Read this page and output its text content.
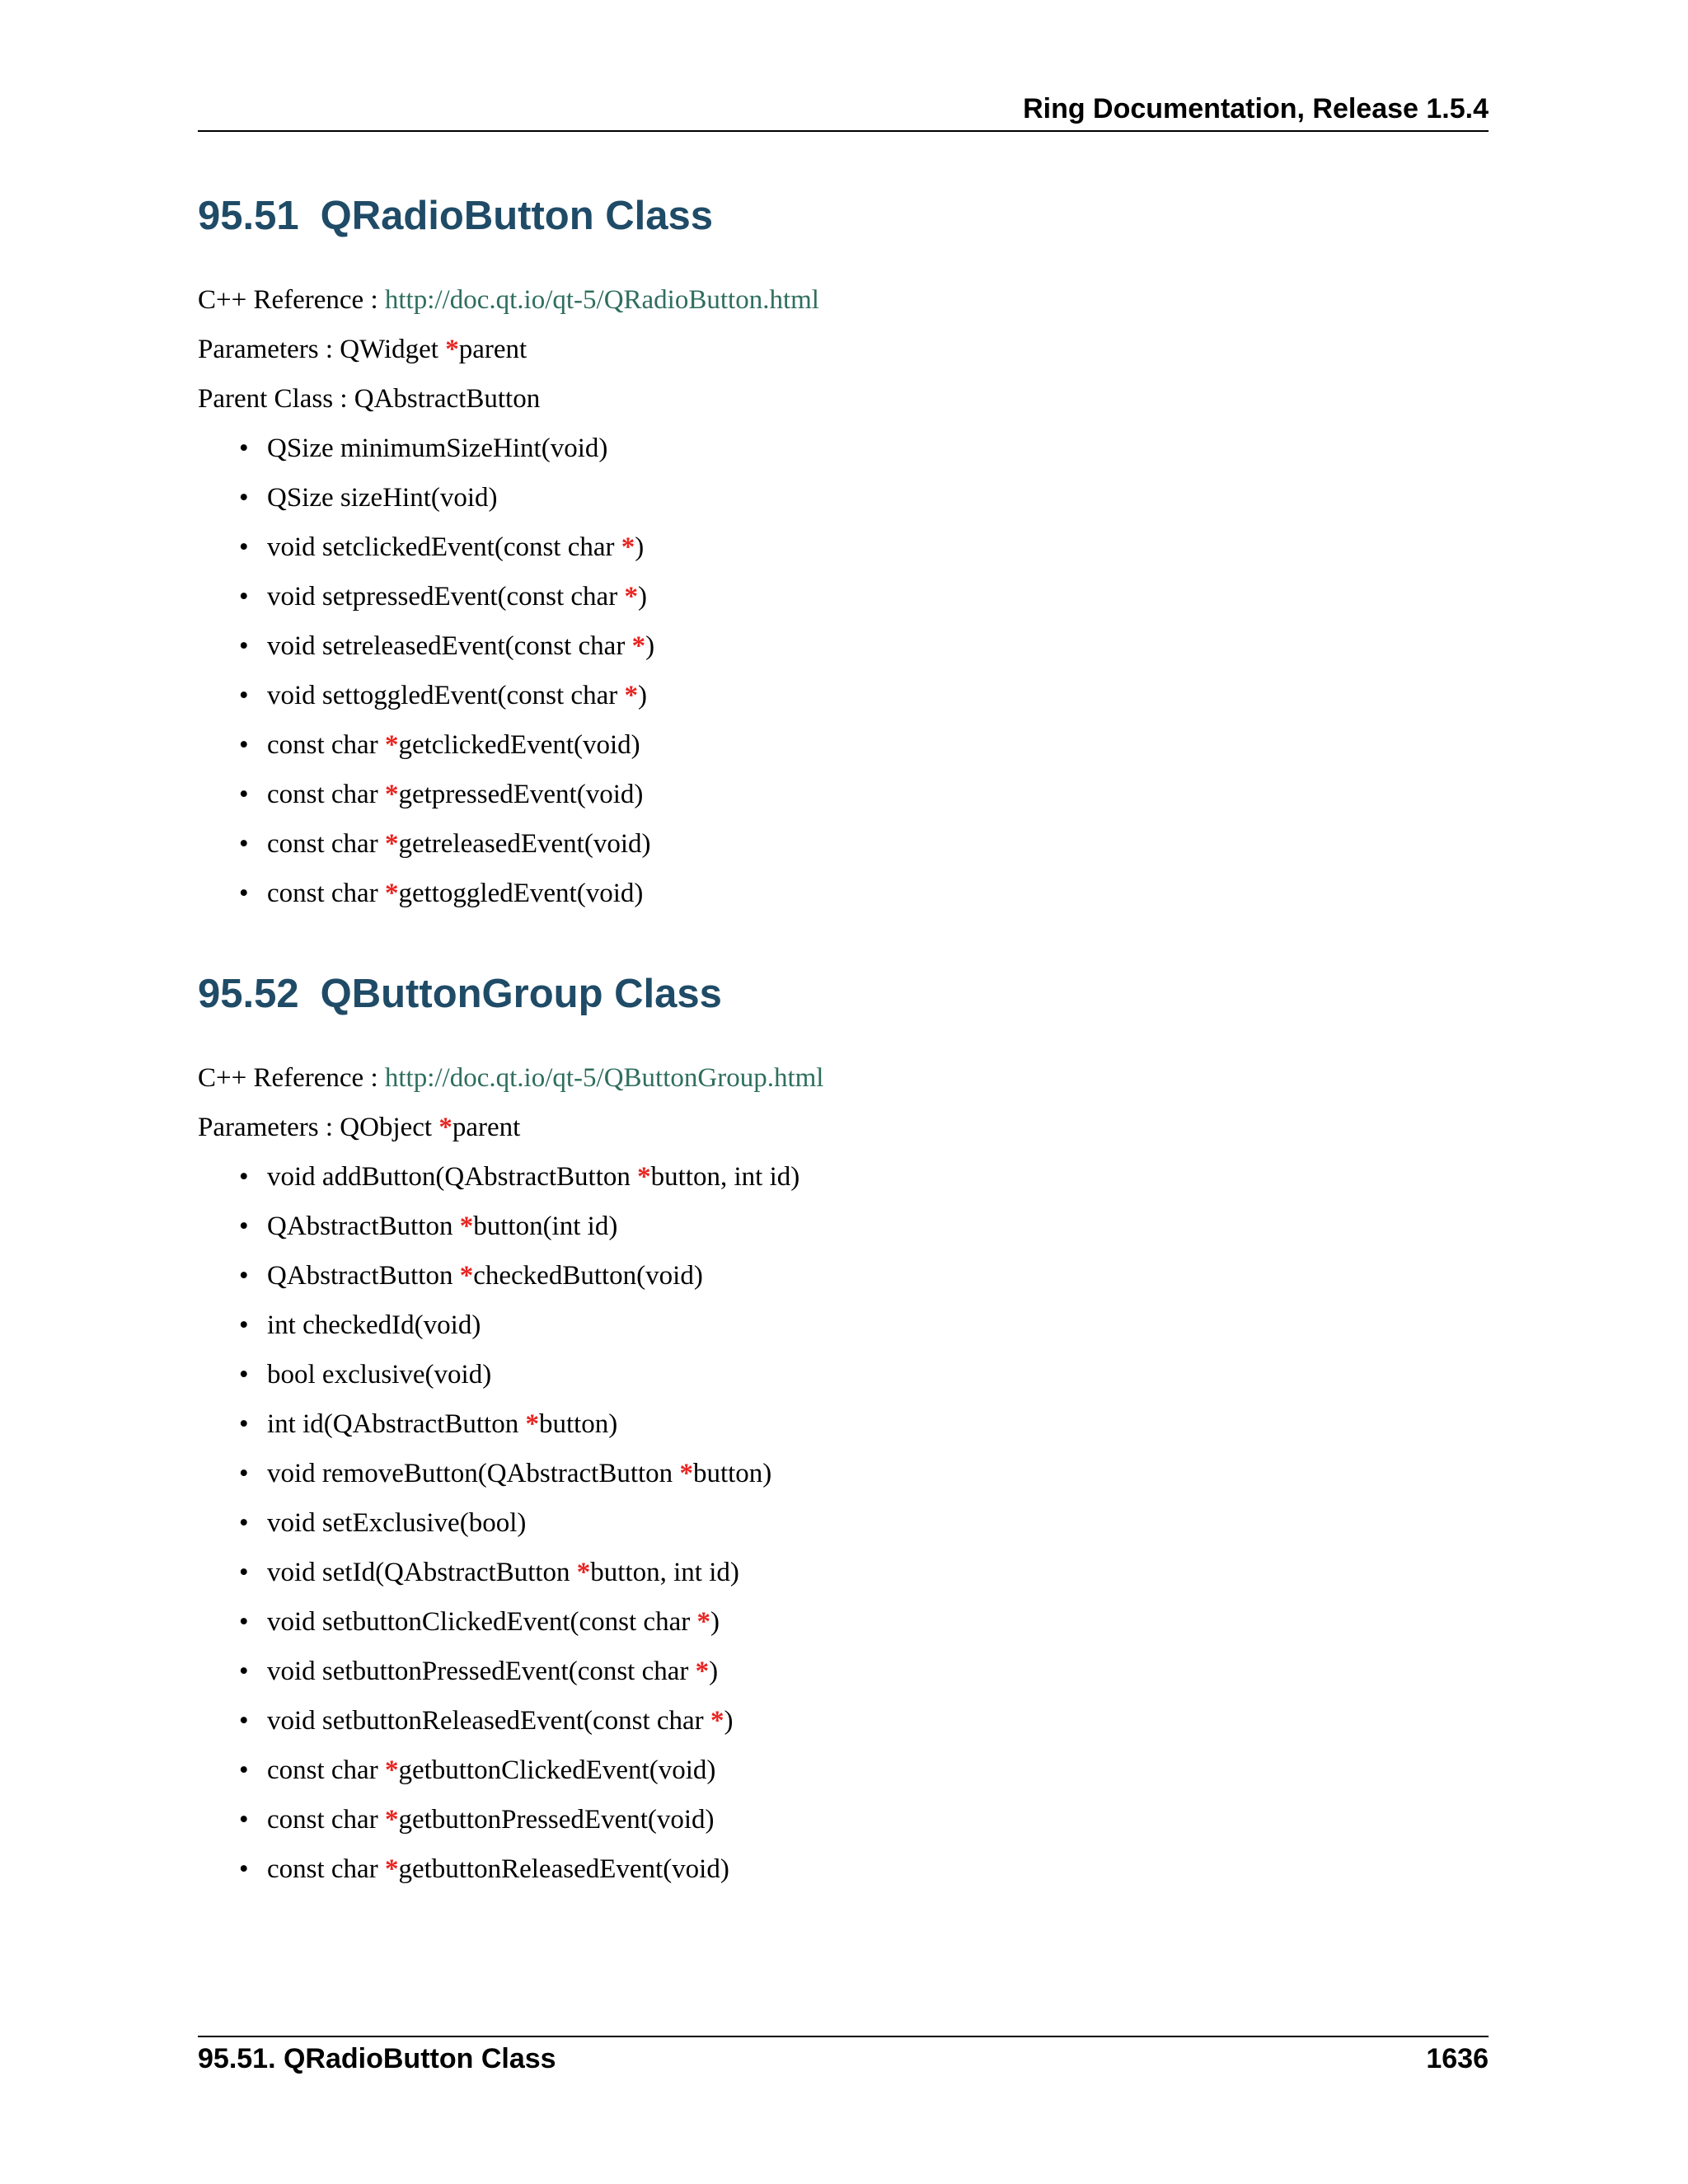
Ring Documentation, Release 1.5.4
95.51 QRadioButton Class

C++ Reference : http://doc.qt.io/qt-5/QRadioButton.html

Parameters : QWidget *parent

Parent Class : QAbstractButton

• QSize minimumSizeHint(void)
• QSize sizeHint(void)
• void setclickedEvent(const char *)
• void setpressedEvent(const char *)
• void setreleasedEvent(const char *)
• void settoggledEvent(const char *)
• const char *getclickedEvent(void)
• const char *getpressedEvent(void)
• const char *getreleasedEvent(void)
• const char *gettoggledEvent(void)
95.52 QButtonGroup Class

C++ Reference : http://doc.qt.io/qt-5/QButtonGroup.html

Parameters : QObject *parent

• void addButton(QAbstractButton *button, int id)
• QAbstractButton *button(int id)
• QAbstractButton *checkedButton(void)
• int checkedId(void)
• bool exclusive(void)
• int id(QAbstractButton *button)
• void removeButton(QAbstractButton *button)
• void setExclusive(bool)
• void setId(QAbstractButton *button, int id)
• void setbuttonClickedEvent(const char *)
• void setbuttonPressedEvent(const char *)
• void setbuttonReleasedEvent(const char *)
• const char *getbuttonClickedEvent(void)
• const char *getbuttonPressedEvent(void)
• const char *getbuttonReleasedEvent(void)
95.51. QRadioButton Class	1636
